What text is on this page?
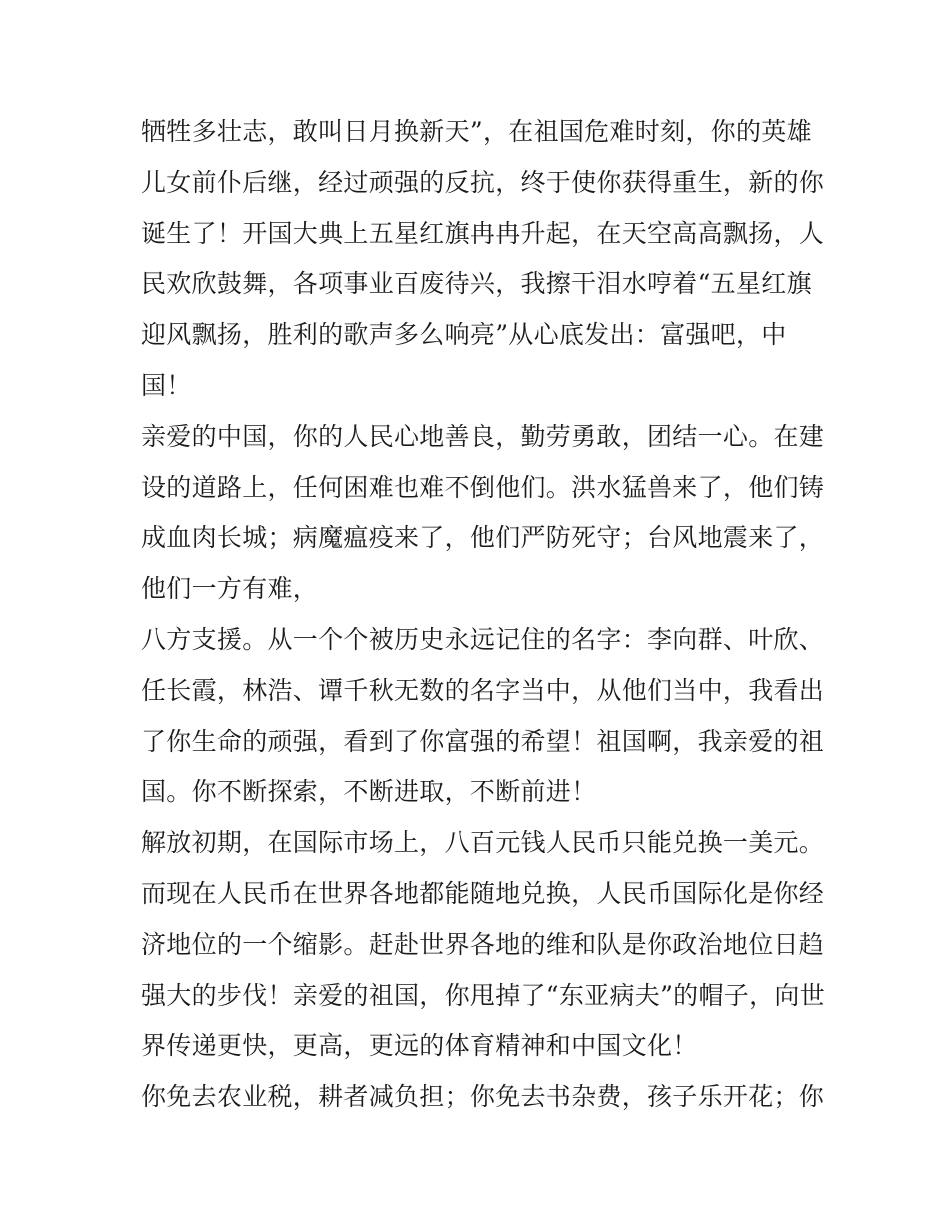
牺牲多壮志，敢叫日月换新天”，在祖国危难时刻，你的英雄
儿女前仆后继，经过顽强的反抗，终于使你获得重生，新的你
诞生了！开国大典上五星红旗冉冉升起，在天空高高飘扬，人
民欢欣鼓舞，各项事业百废待兴，我擦干泪水哼着“五星红旗
迎风飘扬，胜利的歌声多么响亮”从心底发出：富强吧，中
国！
亲爱的中国，你的人民心地善良，勤劳勇敢，团结一心。在建
设的道路上，任何困难也难不倒他们。洪水猛兽来了，他们铸
成血肉长城；病魔瘟疫来了，他们严防死守；台风地震来了，
他们一方有难，
八方支援。从一个个被历史永远记住的名字：李向群、叶欣、
任长霞，林浩、谭千秋无数的名字当中，从他们当中，我看出
了你生命的顽强，看到了你富强的希望！祖国啊，我亲爱的祖
国。你不断探索，不断进取，不断前进！
解放初期，在国际市场上，八百元钱人民币只能兑换一美元。
而现在人民币在世界各地都能随地兑换，人民币国际化是你经
济地位的一个缩影。赶赴世界各地的维和队是你政治地位日趋
强大的步伐！亲爱的祖国，你甩掉了“东亚病夫”的帽子，向世
界传递更快，更高，更远的体育精神和中国文化！
你免去农业税，耕者减负担；你免去书杂费，孩子乐开花；你
